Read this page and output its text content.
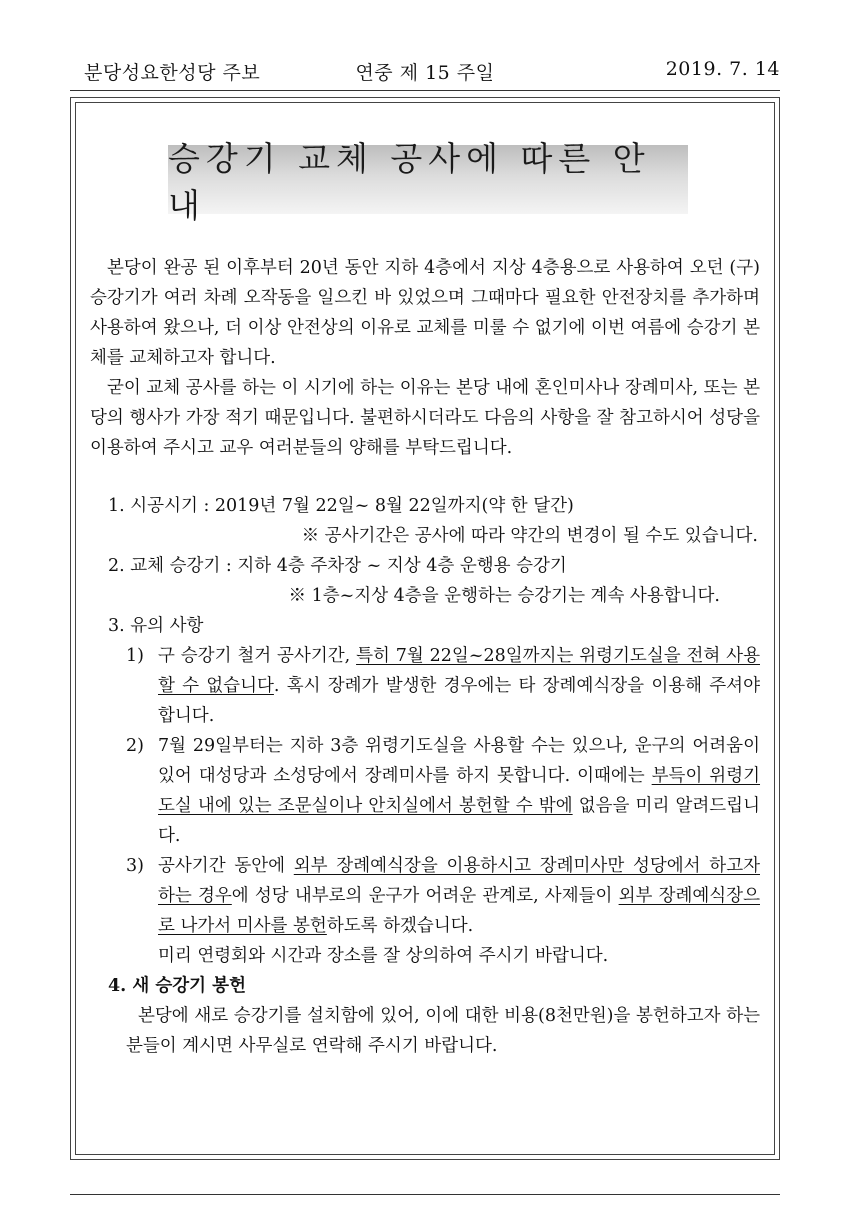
분당성요한성당 주보	연중 제 15 주일	2019. 7. 14
승강기 교체 공사에 따른 안내

본당이 완공 된 이후부터 20년 동안 지하 4층에서 지상 4층용으로 사용하여 오던 (구)승강기가 여러 차례 오작동을 일으킨 바 있었으며 그때마다 필요한 안전장치를 추가하며 사용하여 왔으나, 더 이상 안전상의 이유로 교체를 미룰 수 없기에 이번 여름에 승강기 본체를 교체하고자 합니다.

굳이 교체 공사를 하는 이 시기에 하는 이유는 본당 내에 혼인미사나 장례미사, 또는 본당의 행사가 가장 적기 때문입니다. 불편하시더라도 다음의 사항을 잘 참고하시어 성당을 이용하여 주시고 교우 여러분들의 양해를 부탁드립니다.

1. 시공시기 : 2019년 7월 22일~ 8월 22일까지(약 한 달간)

※ 공사기간은 공사에 따라 약간의 변경이 될 수도 있습니다.

2. 교체 승강기 : 지하 4층 주차장 ~ 지상 4층 운행용 승강기

※ 1층~지상 4층을 운행하는 승강기는 계속 사용합니다.

3. 유의 사항

1) 구 승강기 철거 공사기간, 특히 7월 22일~28일까지는 위령기도실을 전혀 사용할 수 없습니다. 혹시 장례가 발생한 경우에는 타 장례예식장을 이용해 주셔야 합니다.

2) 7월 29일부터는 지하 3층 위령기도실을 사용할 수는 있으나, 운구의 어려움이 있어 대성당과 소성당에서 장례미사를 하지 못합니다. 이때에는 부득이 위령기도실 내에 있는 조문실이나 안치실에서 봉헌할 수 밖에 없음을 미리 알려드립니다.

3) 공사기간 동안에 외부 장례예식장을 이용하시고 장례미사만 성당에서 하고자 하는 경우에 성당 내부로의 운구가 어려운 관계로, 사제들이 외부 장례예식장으로 나가서 미사를 봉헌하도록 하겠습니다.

미리 연령회와 시간과 장소를 잘 상의하여 주시기 바랍니다.

4. 새 승강기 봉헌

본당에 새로 승강기를 설치함에 있어, 이에 대한 비용(8천만원)을 봉헌하고자 하는 분들이 계시면 사무실로 연락해 주시기 바랍니다.
